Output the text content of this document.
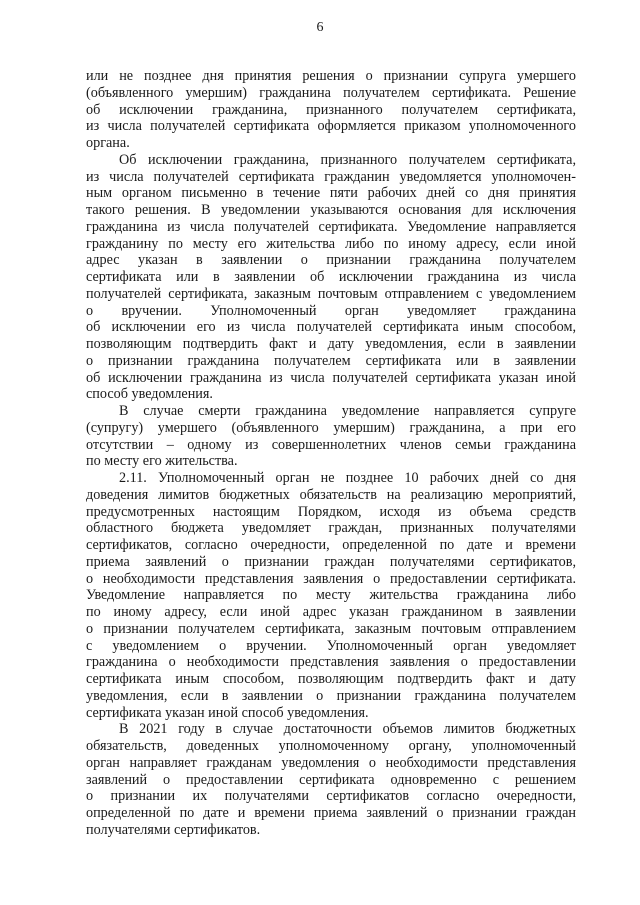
6

или не позднее дня принятия решения о признании супруга умершего
(объявленного умершим) гражданина получателем сертификата. Решение
об исключении гражданина, признанного получателем сертификата,
из числа получателей сертификата оформляется приказом уполномоченного
органа.

Об исключении гражданина, признанного получателем сертификата,
из числа получателей сертификата гражданин уведомляется уполномочен-
ным органом письменно в течение пяти рабочих дней со дня принятия
такого решения. В уведомлении указываются основания для исключения
гражданина из числа получателей сертификата. Уведомление направляется
гражданину по месту его жительства либо по иному адресу, если иной
адрес указан в заявлении о признании гражданина получателем
сертификата или в заявлении об исключении гражданина из числа
получателей сертификата, заказным почтовым отправлением с уведомлением
о вручении. Уполномоченный орган уведомляет гражданина
об исключении его из числа получателей сертификата иным способом,
позволяющим подтвердить факт и дату уведомления, если в заявлении
о признании гражданина получателем сертификата или в заявлении
об исключении гражданина из числа получателей сертификата указан иной
способ уведомления.

В случае смерти гражданина уведомление направляется супруге
(супругу) умершего (объявленного умершим) гражданина, а при его
отсутствии – одному из совершеннолетних членов семьи гражданина
по месту его жительства.

2.11. Уполномоченный орган не позднее 10 рабочих дней со дня
доведения лимитов бюджетных обязательств на реализацию мероприятий,
предусмотренных настоящим Порядком, исходя из объема средств
областного бюджета уведомляет граждан, признанных получателями
сертификатов, согласно очередности, определенной по дате и времени
приема заявлений о признании граждан получателями сертификатов,
о необходимости представления заявления о предоставлении сертификата.
Уведомление направляется по месту жительства гражданина либо
по иному адресу, если иной адрес указан гражданином в заявлении
о признании получателем сертификата, заказным почтовым отправлением
с уведомлением о вручении. Уполномоченный орган уведомляет
гражданина о необходимости представления заявления о предоставлении
сертификата иным способом, позволяющим подтвердить факт и дату
уведомления, если в заявлении о признании гражданина получателем
сертификата указан иной способ уведомления.

В 2021 году в случае достаточности объемов лимитов бюджетных
обязательств, доведенных уполномоченному органу, уполномоченный
орган направляет гражданам уведомления о необходимости представления
заявлений о предоставлении сертификата одновременно с решением
о признании их получателями сертификатов согласно очередности,
определенной по дате и времени приема заявлений о признании граждан
получателями сертификатов.
